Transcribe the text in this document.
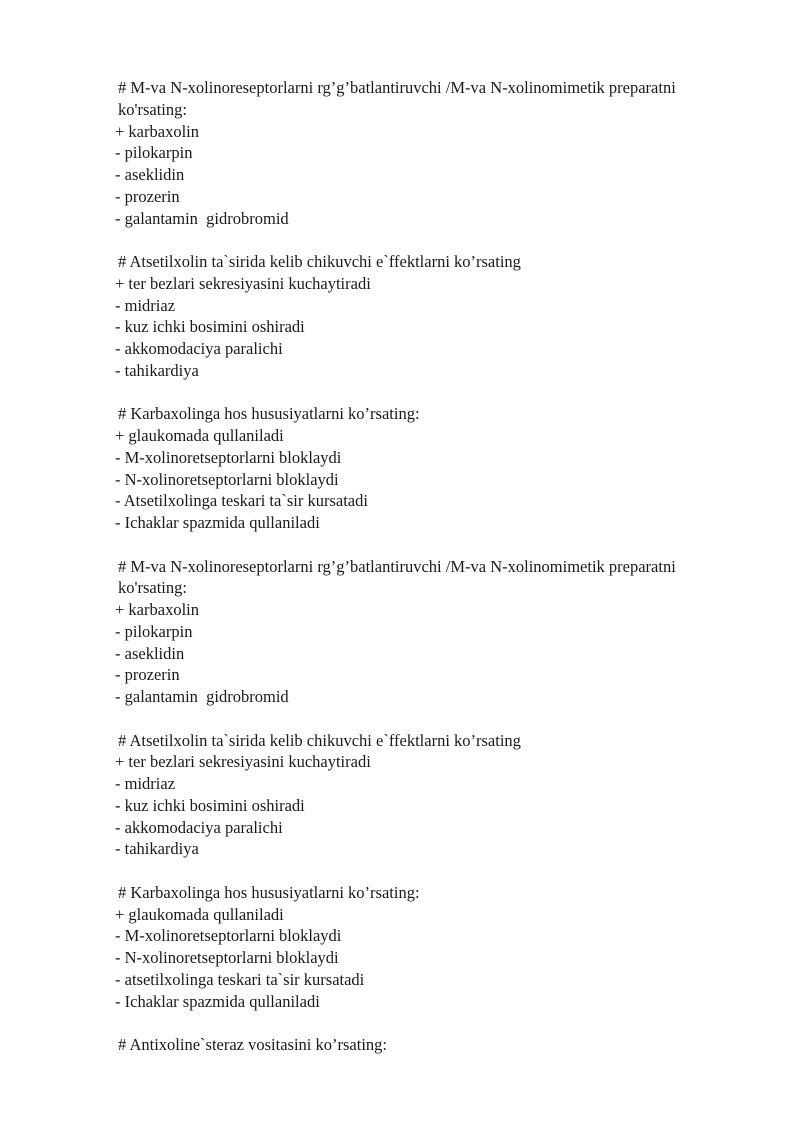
# M-va N-xolinoreseptorlarni rg’g’batlantiruvchi /M-va N-xolinomimetik preparatni ko'rsating:

+ karbaxolin

- pilokarpin

- aseklidin

- prozerin

- galantamin  gidrobromid

# Atsetilxolin ta`sirida kelib chikuvchi e`ffektlarni ko’rsating

+ ter bezlari sekresiyasini kuchaytiradi

- midriaz

- kuz ichki bosimini oshiradi

- akkomodaciya paralichi

- tahikardiya

# Karbaxolinga hos hususiyatlarni ko’rsating:

+ glaukomada qullaniladi

- M-xolinoretseptorlarni bloklaydi

- N-xolinoretseptorlarni bloklaydi

- Atsetilxolinga teskari ta`sir kursatadi

- Ichaklar spazmida qullaniladi

# M-va N-xolinoreseptorlarni rg’g’batlantiruvchi /M-va N-xolinomimetik preparatni ko'rsating:

+ karbaxolin

- pilokarpin

- aseklidin

- prozerin

- galantamin  gidrobromid

# Atsetilxolin ta`sirida kelib chikuvchi e`ffektlarni ko’rsating

+ ter bezlari sekresiyasini kuchaytiradi

- midriaz

- kuz ichki bosimini oshiradi

- akkomodaciya paralichi

- tahikardiya

# Karbaxolinga hos hususiyatlarni ko’rsating:

+ glaukomada qullaniladi

- M-xolinoretseptorlarni bloklaydi

- N-xolinoretseptorlarni bloklaydi

- atsetilxolinga teskari ta`sir kursatadi

- Ichaklar spazmida qullaniladi

# Antixoline`steraz vositasini ko’rsating:
